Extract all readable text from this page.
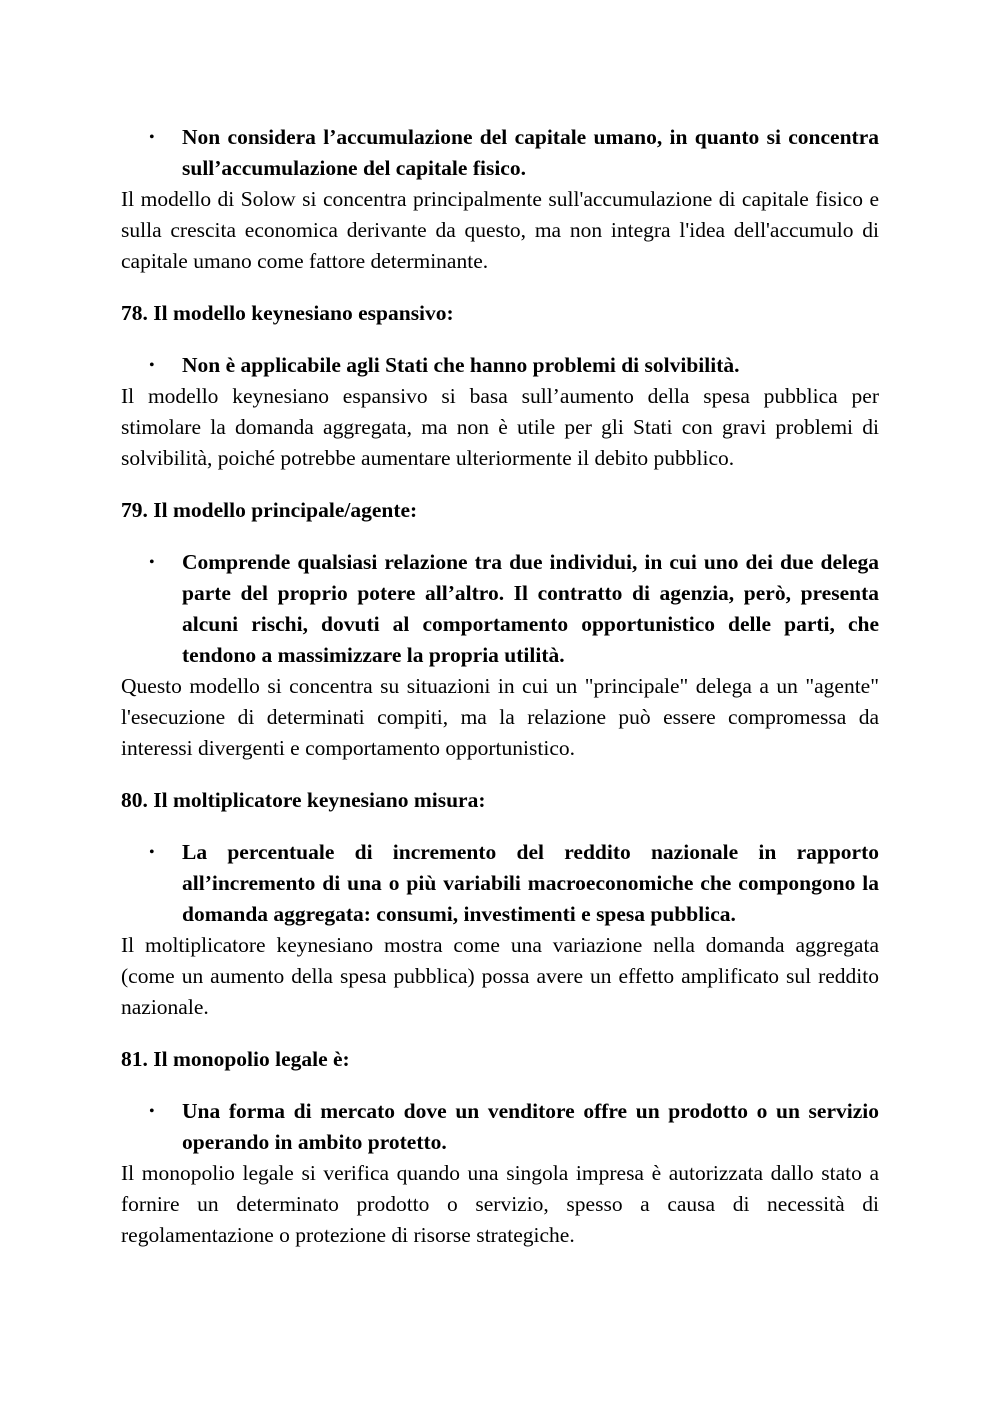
• Non considera l’accumulazione del capitale umano, in quanto si concentra sull’accumulazione del capitale fisico.

Il modello di Solow si concentra principalmente sull'accumulazione di capitale fisico e sulla crescita economica derivante da questo, ma non integra l'idea dell'accumulo di capitale umano come fattore determinante.

78. Il modello keynesiano espansivo:

• Non è applicabile agli Stati che hanno problemi di solvibilità.

Il modello keynesiano espansivo si basa sull’aumento della spesa pubblica per stimolare la domanda aggregata, ma non è utile per gli Stati con gravi problemi di solvibilità, poiché potrebbe aumentare ulteriormente il debito pubblico.

79. Il modello principale/agente:

• Comprende qualsiasi relazione tra due individui, in cui uno dei due delega parte del proprio potere all’altro. Il contratto di agenzia, però, presenta alcuni rischi, dovuti al comportamento opportunistico delle parti, che tendono a massimizzare la propria utilità.

Questo modello si concentra su situazioni in cui un "principale" delega a un "agente" l'esecuzione di determinati compiti, ma la relazione può essere compromessa da interessi divergenti e comportamento opportunistico.

80. Il moltiplicatore keynesiano misura:

• La percentuale di incremento del reddito nazionale in rapporto all’incremento di una o più variabili macroeconomiche che compongono la domanda aggregata: consumi, investimenti e spesa pubblica.

Il moltiplicatore keynesiano mostra come una variazione nella domanda aggregata (come un aumento della spesa pubblica) possa avere un effetto amplificato sul reddito nazionale.

81. Il monopolio legale è:

• Una forma di mercato dove un venditore offre un prodotto o un servizio operando in ambito protetto.

Il monopolio legale si verifica quando una singola impresa è autorizzata dallo stato a fornire un determinato prodotto o servizio, spesso a causa di necessità di regolamentazione o protezione di risorse strategiche.
